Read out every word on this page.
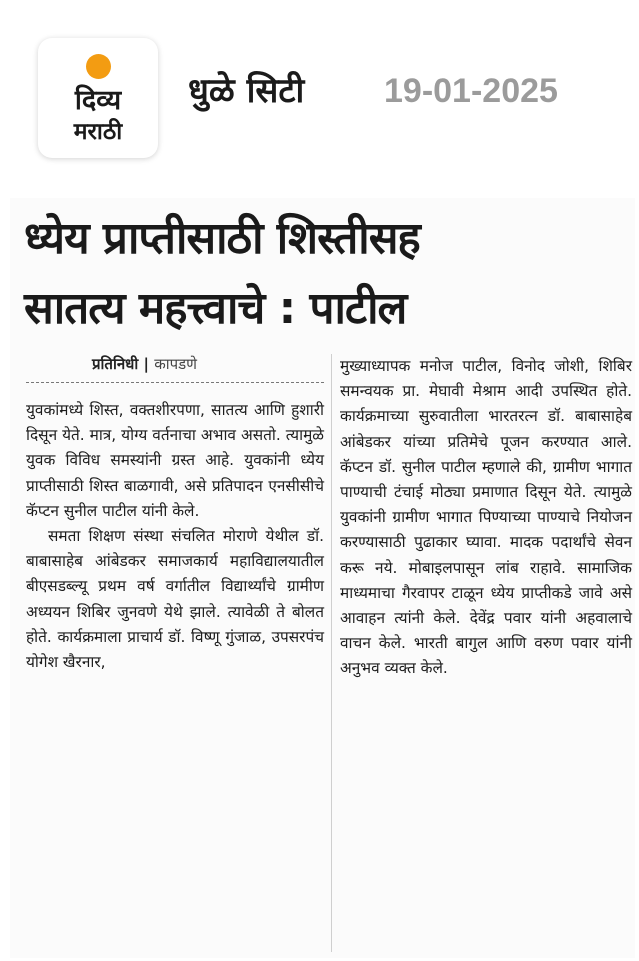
दिव्य
मराठी
धुळे सिटी 19-01-2025
ध्येय प्राप्तीसाठी शिस्तीसह
सातत्य महत्त्वाचे : पाटील
प्रतिनिधी | कापडणे

युवकांमध्ये शिस्त, वक्तशीरपणा, सातत्य आणि हुशारी दिसून येते. मात्र, योग्य वर्तनाचा अभाव असतो. त्यामुळे युवक विविध समस्यांनी ग्रस्त आहे. युवकांनी ध्येय प्राप्तीसाठी शिस्त बाळगावी, असे प्रतिपादन एनसीसीचे कॅप्टन सुनील पाटील यांनी केले.

समता शिक्षण संस्था संचलित मोराणे येथील डॉ. बाबासाहेब आंबेडकर समाजकार्य महाविद्यालयातील बीएसडब्ल्यू प्रथम वर्ष वर्गातील विद्यार्थ्यांचे ग्रामीण अध्ययन शिबिर जुनवणे येथे झाले. त्यावेळी ते बोलत होते. कार्यक्रमाला प्राचार्य डॉ. विष्णू गुंजाळ, उपसरपंच योगेश खैरनार,

मुख्याध्यापक मनोज पाटील, विनोद जोशी, शिबिर समन्वयक प्रा. मेघावी मेश्राम आदी उपस्थित होते. कार्यक्रमाच्या सुरुवातीला भारतरत्न डॉ. बाबासाहेब आंबेडकर यांच्या प्रतिमेचे पूजन करण्यात आले. कॅप्टन डॉ. सुनील पाटील म्हणाले की, ग्रामीण भागात पाण्याची टंचाई मोठ्या प्रमाणात दिसून येते. त्यामुळे युवकांनी ग्रामीण भागात पिण्याच्या पाण्याचे नियोजन करण्यासाठी पुढाकार घ्यावा. मादक पदार्थांचे सेवन करू नये. मोबाइलपासून लांब राहावे. सामाजिक माध्यमाचा गैरवापर टाळून ध्येय प्राप्तीकडे जावे असे आवाहन त्यांनी केले. देवेंद्र पवार यांनी अहवालाचे वाचन केले. भारती बागुल आणि वरुण पवार यांनी अनुभव व्यक्त केले.
